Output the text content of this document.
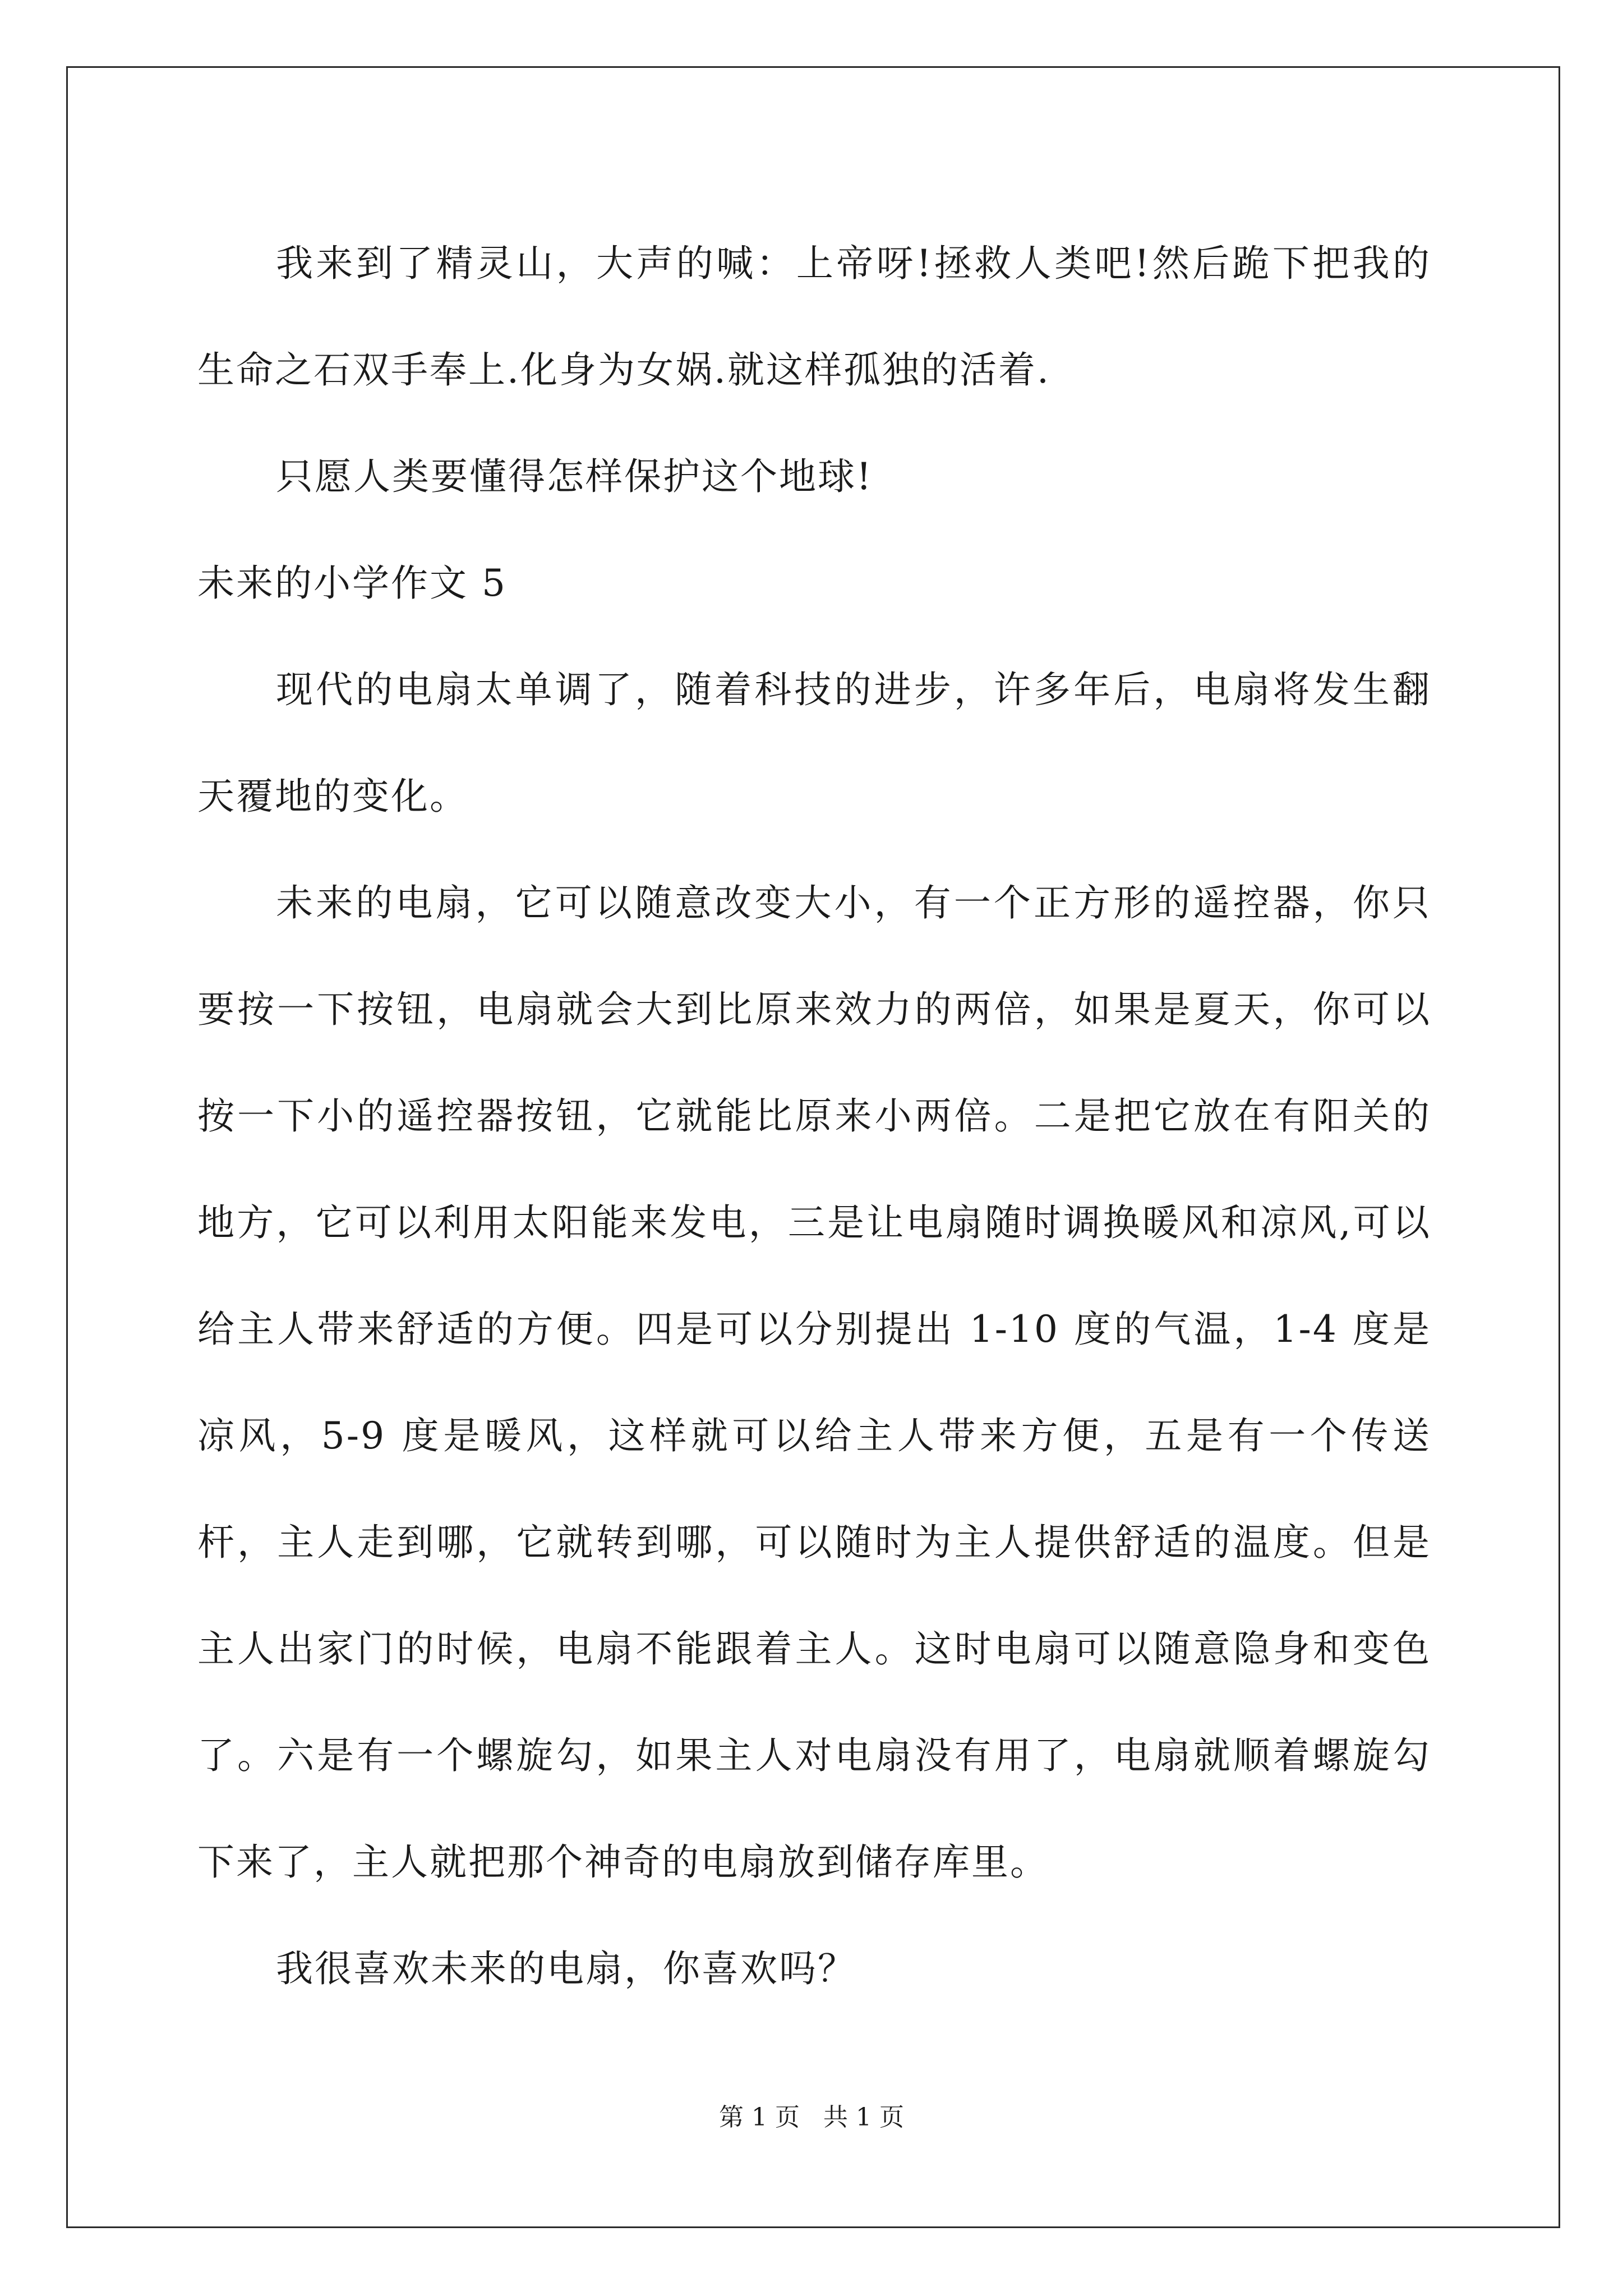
我来到了精灵山，大声的喊：上帝呀!拯救人类吧!然后跪下把我的生命之石双手奉上.化身为女娲.就这样孤独的活着.

只愿人类要懂得怎样保护这个地球!

未来的小学作文 5

现代的电扇太单调了，随着科技的进步，许多年后，电扇将发生翻天覆地的变化。

未来的电扇，它可以随意改变大小，有一个正方形的遥控器，你只要按一下按钮，电扇就会大到比原来效力的两倍，如果是夏天，你可以按一下小的遥控器按钮，它就能比原来小两倍。二是把它放在有阳关的地方，它可以利用太阳能来发电，三是让电扇随时调换暖风和凉风,可以给主人带来舒适的方便。四是可以分别提出 1-10 度的气温，1-4 度是凉风，5-9 度是暖风，这样就可以给主人带来方便，五是有一个传送杆，主人走到哪，它就转到哪，可以随时为主人提供舒适的温度。但是主人出家门的时候，电扇不能跟着主人。这时电扇可以随意隐身和变色了。六是有一个螺旋勾，如果主人对电扇没有用了，电扇就顺着螺旋勾下来了，主人就把那个神奇的电扇放到储存库里。

我很喜欢未来的电扇，你喜欢吗？

第 1 页 共 1 页
